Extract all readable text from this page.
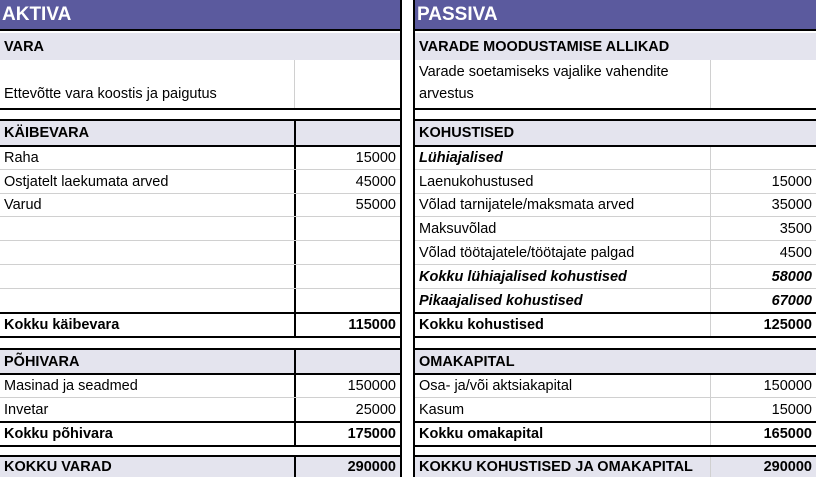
AKTIVA
VARA
Ettevõtte vara koostis ja paigutus
KÄIBEVARA
Raha	15000
Ostjatelt laekumata arved	45000
Varud	55000
Kokku käibevara	115000
PÕHIVARA
Masinad ja seadmed	150000
Invetar	25000
Kokku põhivara	175000
KOKKU VARAD	290000
PASSIVA
VARADE MOODUSTAMISE ALLIKAD
Varade soetamiseks vajalike vahendite arvestus
KOHUSTISED
Lühiajalised
Laenukohustused	15000
Võlad tarnijatele/maksmata arved	35000
Maksuvõlad	3500
Võlad töötajatele/töötajate palgad	4500
Kokku lühiajalised kohustised	58000
Pikaajalised kohustised	67000
Kokku kohustised	125000
OMAKAPITAL
Osa- ja/või aktsiakapital	150000
Kasum	15000
Kokku omakapital	165000
KOKKU KOHUSTISED JA OMAKAPITAL	290000
